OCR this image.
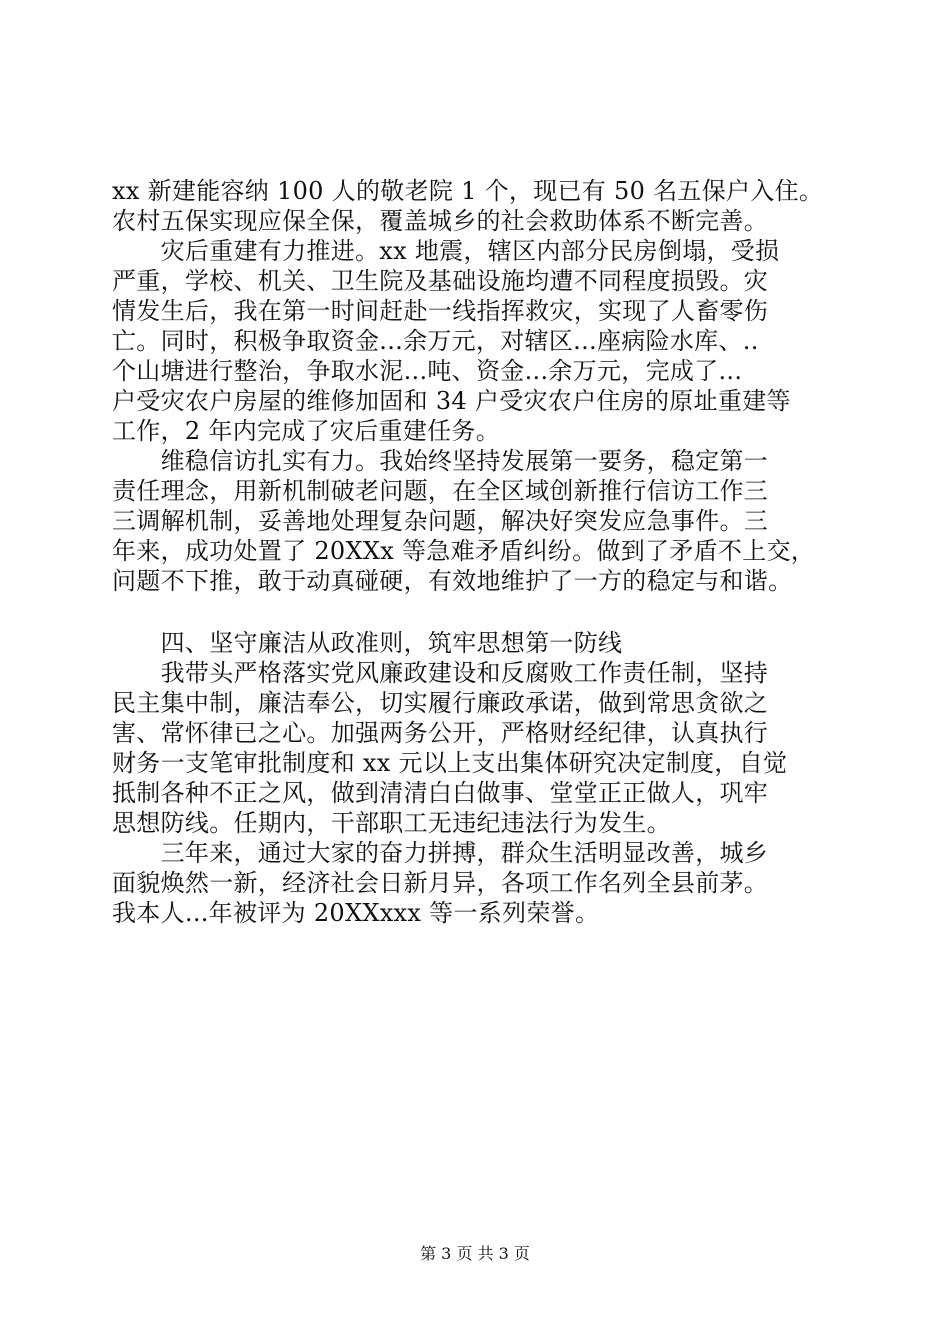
xx 新建能容纳 100 人的敬老院 1 个，现已有 50 名五保户入住。
农村五保实现应保全保，覆盖城乡的社会救助体系不断完善。
　　灾后重建有力推进。xx 地震，辖区内部分民房倒塌，受损
严重，学校、机关、卫生院及基础设施均遭不同程度损毁。灾
情发生后，我在第一时间赶赴一线指挥救灾，实现了人畜零伤
亡。同时，积极争取资金...余万元，对辖区...座病险水库、..
个山塘进行整治，争取水泥...吨、资金...余万元，完成了...
户受灾农户房屋的维修加固和 34 户受灾农户住房的原址重建等
工作，2 年内完成了灾后重建任务。
　　维稳信访扎实有力。我始终坚持发展第一要务，稳定第一
责任理念，用新机制破老问题，在全区域创新推行信访工作三
三调解机制，妥善地处理复杂问题，解决好突发应急事件。三
年来，成功处置了 20XXx 等急难矛盾纠纷。做到了矛盾不上交，
问题不下推，敢于动真碰硬，有效地维护了一方的稳定与和谐。
　　四、坚守廉洁从政准则，筑牢思想第一防线
　　我带头严格落实党风廉政建设和反腐败工作责任制，坚持
民主集中制，廉洁奉公，切实履行廉政承诺，做到常思贪欲之
害、常怀律已之心。加强两务公开，严格财经纪律，认真执行
财务一支笔审批制度和 xx 元以上支出集体研究决定制度，自觉
抵制各种不正之风，做到清清白白做事、堂堂正正做人，巩牢
思想防线。任期内，干部职工无违纪违法行为发生。
　　三年来，通过大家的奋力拼搏，群众生活明显改善，城乡
面貌焕然一新，经济社会日新月异，各项工作名列全县前茅。
我本人...年被评为 20XXxxx 等一系列荣誉。
第 3 页 共 3 页
